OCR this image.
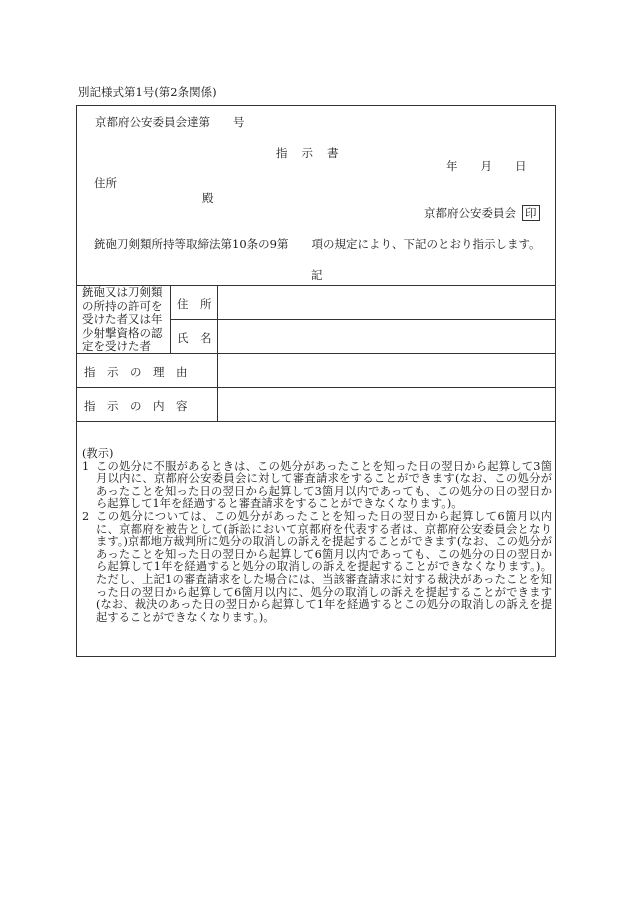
別記様式第1号(第2条関係)
京都府公安委員会達第　　号
指示書
年　　月　　日
住所
殿
京都府公安委員会 印
銃砲刀剣類所持等取締法第10条の9第　　項の規定により、下記のとおり指示します。
記
銃砲又は刀剣類の所持の許可を受けた者又は年少射撃資格の認定を受けた者
住　所
氏　名
指　示　の　理　由
指　示　の　内　容

(教示)

1 この処分に不服があるときは、この処分があったことを知った日の翌日から起算して3箇月以内に、京都府公安委員会に対して審査請求をすることができます(なお、この処分があったことを知った日の翌日から起算して3箇月以内であっても、この処分の日の翌日から起算して1年を経過すると審査請求をすることができなくなります。)。
2 この処分については、この処分があったことを知った日の翌日から起算して6箇月以内に、京都府を被告として(訴訟において京都府を代表する者は、京都府公安委員会となります。)京都地方裁判所に処分の取消しの訴えを提起することができます(なお、この処分があったことを知った日の翌日から起算して6箇月以内であっても、この処分の日の翌日から起算して1年を経過すると処分の取消しの訴えを提起することができなくなります。)。ただし、上記1の審査請求をした場合には、当該審査請求に対する裁決があったことを知った日の翌日から起算して6箇月以内に、処分の取消しの訴えを提起することができます(なお、裁決のあった日の翌日から起算して1年を経過するとこの処分の取消しの訴えを提起することができなくなります。)。
